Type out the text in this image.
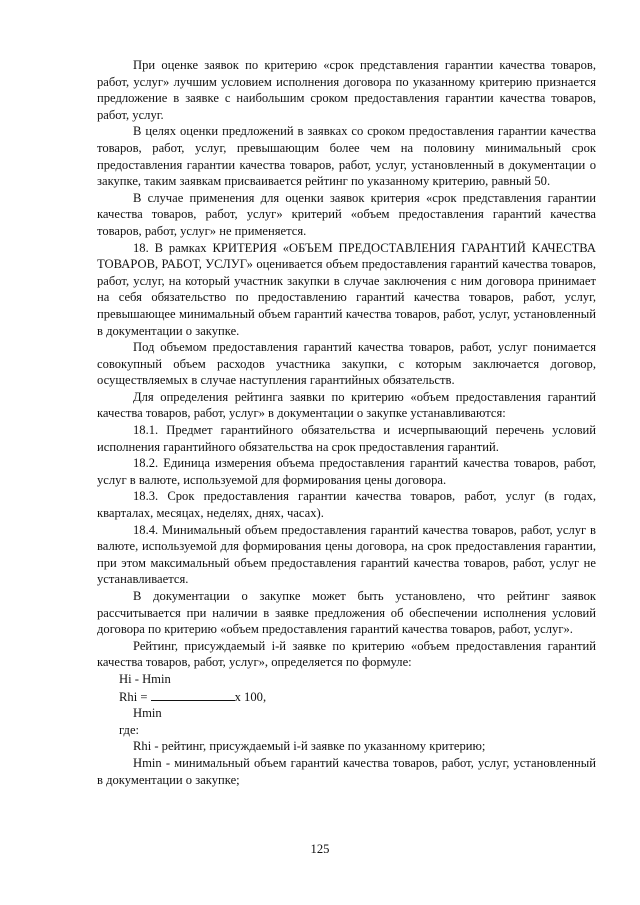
При оценке заявок по критерию «срок представления гарантии качества товаров, работ, услуг» лучшим условием исполнения договора по указанному критерию признается предложение в заявке с наибольшим сроком предоставления гарантии качества товаров, работ, услуг.

В целях оценки предложений в заявках со сроком предоставления гарантии качества товаров, работ, услуг, превышающим более чем на половину минимальный срок предоставления гарантии качества товаров, работ, услуг, установленный в документации о закупке, таким заявкам присваивается рейтинг по указанному критерию, равный 50.

В случае применения для оценки заявок критерия «срок представления гарантии качества товаров, работ, услуг» критерий «объем предоставления гарантий качества товаров, работ, услуг» не применяется.

18. В рамках КРИТЕРИЯ «ОБЪЕМ ПРЕДОСТАВЛЕНИЯ ГАРАНТИЙ КАЧЕСТВА ТОВАРОВ, РАБОТ, УСЛУГ» оценивается объем предоставления гарантий качества товаров, работ, услуг, на который участник закупки в случае заключения с ним договора принимает на себя обязательство по предоставлению гарантий качества товаров, работ, услуг, превышающее минимальный объем гарантий качества товаров, работ, услуг, установленный в документации о закупке.

Под объемом предоставления гарантий качества товаров, работ, услуг понимается совокупный объем расходов участника закупки, с которым заключается договор, осуществляемых в случае наступления гарантийных обязательств.

Для определения рейтинга заявки по критерию «объем предоставления гарантий качества товаров, работ, услуг» в документации о закупке устанавливаются:

18.1. Предмет гарантийного обязательства и исчерпывающий перечень условий исполнения гарантийного обязательства на срок предоставления гарантий.

18.2. Единица измерения объема предоставления гарантий качества товаров, работ, услуг в валюте, используемой для формирования цены договора.

18.3. Срок предоставления гарантии качества товаров, работ, услуг (в годах, кварталах, месяцах, неделях, днях, часах).

18.4. Минимальный объем предоставления гарантий качества товаров, работ, услуг в валюте, используемой для формирования цены договора, на срок предоставления гарантии, при этом максимальный объем предоставления гарантий качества товаров, работ, услуг не устанавливается.

В документации о закупке может быть установлено, что рейтинг заявок рассчитывается при наличии в заявке предложения об обеспечении исполнения условий договора по критерию «объем предоставления гарантий качества товаров, работ, услуг».

Рейтинг, присуждаемый i-й заявке по критерию «объем предоставления гарантий качества товаров, работ, услуг», определяется по формуле:

Hi - Hmin

Rhi =	x 100,

Hmin

где:

Rhi - рейтинг, присуждаемый i-й заявке по указанному критерию;

Hmin - минимальный объем гарантий качества товаров, работ, услуг, установленный в документации о закупке;

125
